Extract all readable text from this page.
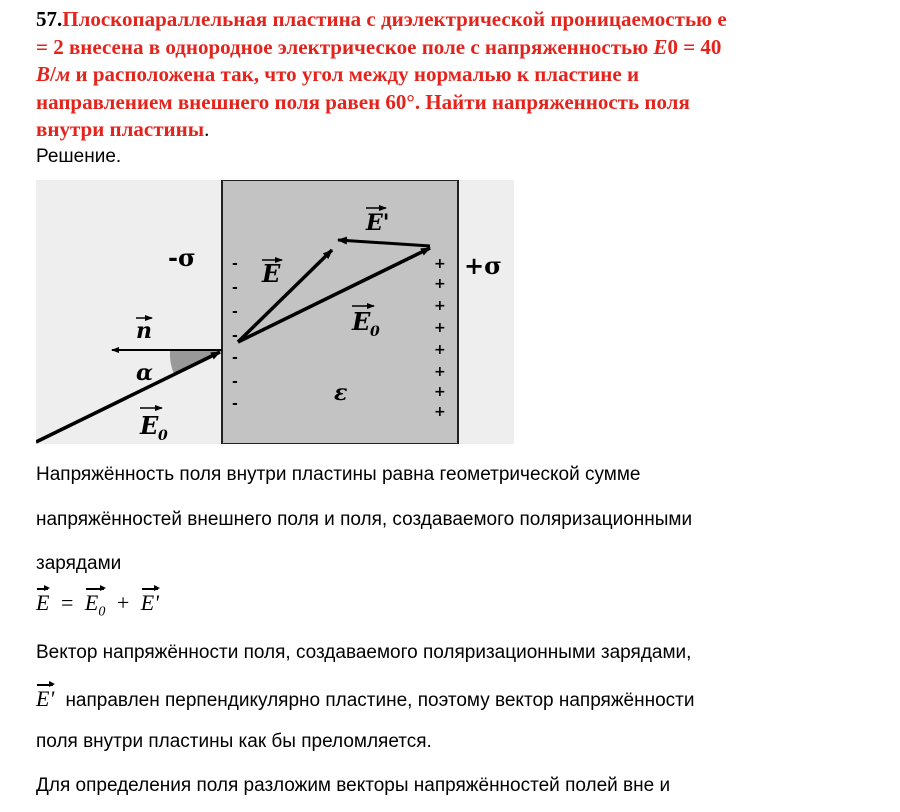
57.Плоскопараллельная пластина с диэлектрической проницаемостью е
= 2 внесена в однородное электрическое поле с напряженностью E0 = 40
В/м и расположена так, что угол между нормалью к пластине и
направлением внешнего поля равен 60°. Найти напряженность поля
внутри пластины.
Решение.
-
-
-
-
-
-
-
+
+
+
+
+
+
+
+
-σ	+σ
E
E'
E 0
n
α
E 0
ε
Напряжённость поля внутри пластины равна геометрической сумме
напряжённостей внешнего поля и поля, создаваемого поляризационными
зарядами
$E = E_0 + E'$
Вектор напряжённости поля, создаваемого поляризационными зарядами,
E' направлен перпендикулярно пластине, поэтому вектор напряжённости
поля внутри пластины как бы преломляется.
Для определения поля разложим векторы напряжённостей полей вне и
